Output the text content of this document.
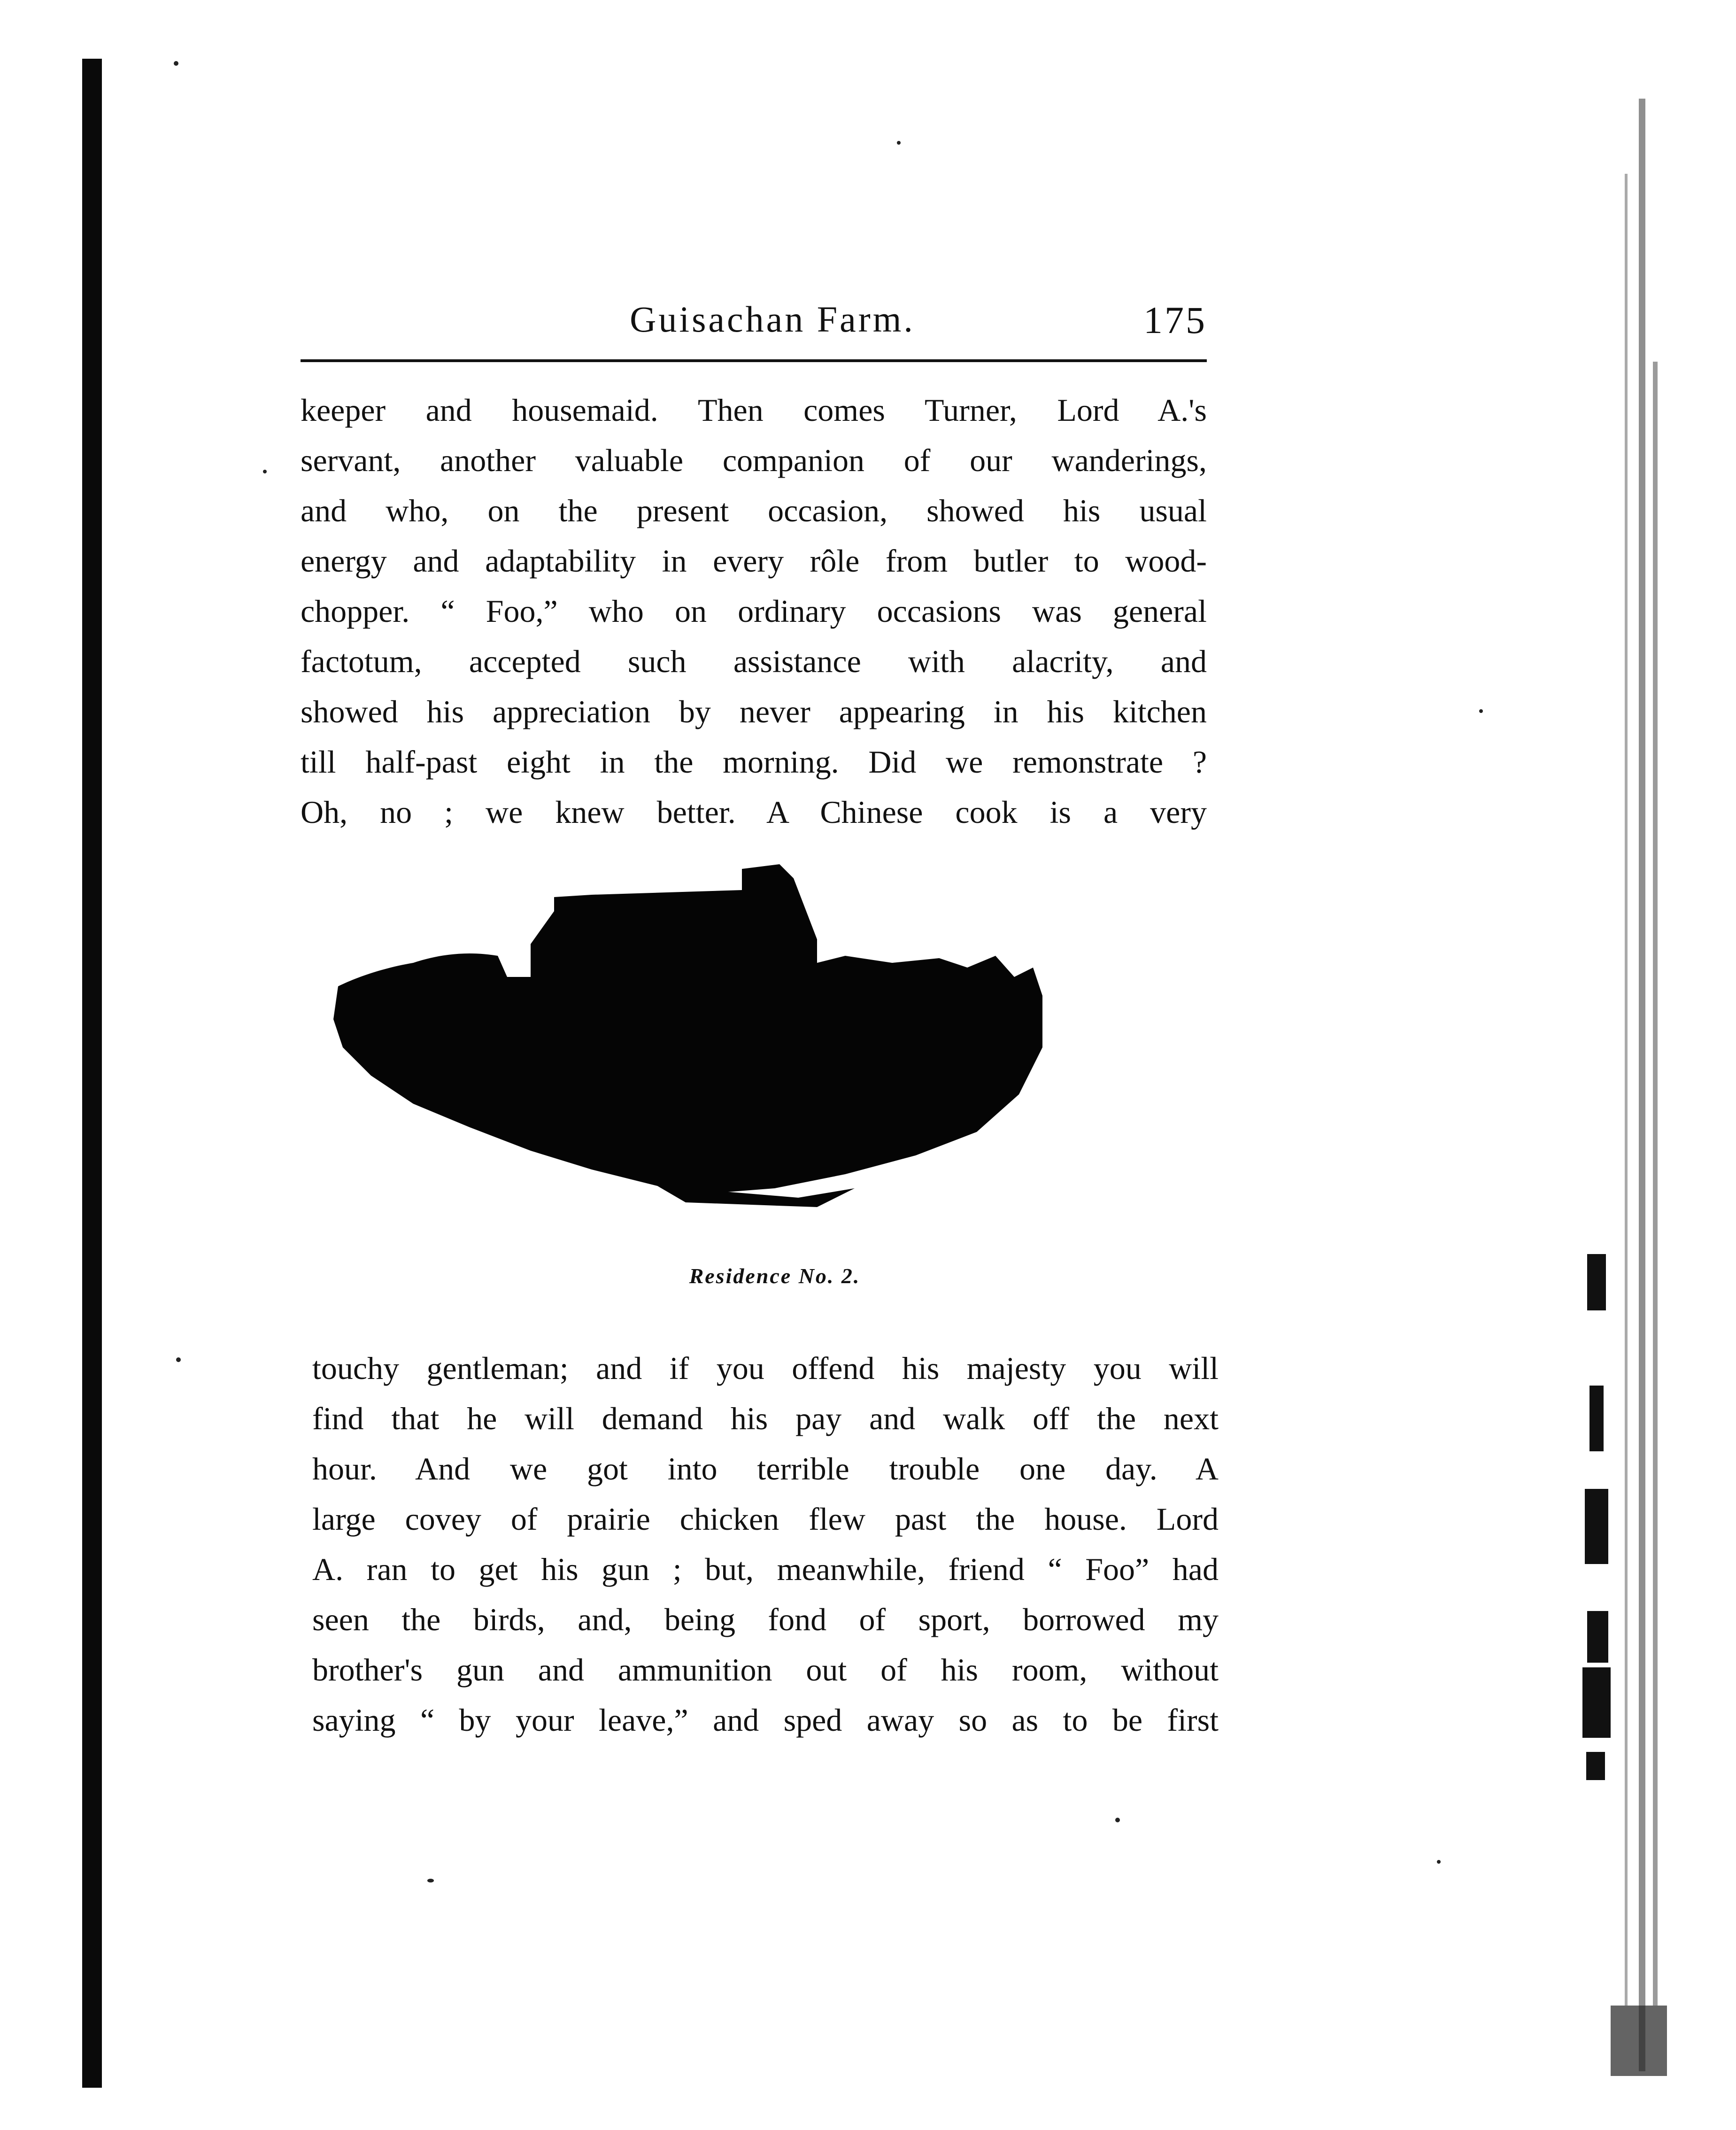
Guisachan Farm.	175
keeper and housemaid. Then comes Turner, Lord A.'s
servant, another valuable companion of our wanderings,
and who, on the present occasion, showed his usual
energy and adaptability in every rôle from butler to wood-
chopper. “ Foo,” who on ordinary occasions was general
factotum, accepted such assistance with alacrity, and
showed his appreciation by never appearing in his kitchen
till half-past eight in the morning. Did we remonstrate ?
Oh, no ; we knew better. A Chinese cook is a very
Residence No. 2.
touchy gentleman; and if you offend his majesty you will
find that he will demand his pay and walk off the next
hour. And we got into terrible trouble one day. A
large covey of prairie chicken flew past the house. Lord
A. ran to get his gun ; but, meanwhile, friend “ Foo” had
seen the birds, and, being fond of sport, borrowed my
brother's gun and ammunition out of his room, without
saying “ by your leave,” and sped away so as to be first
